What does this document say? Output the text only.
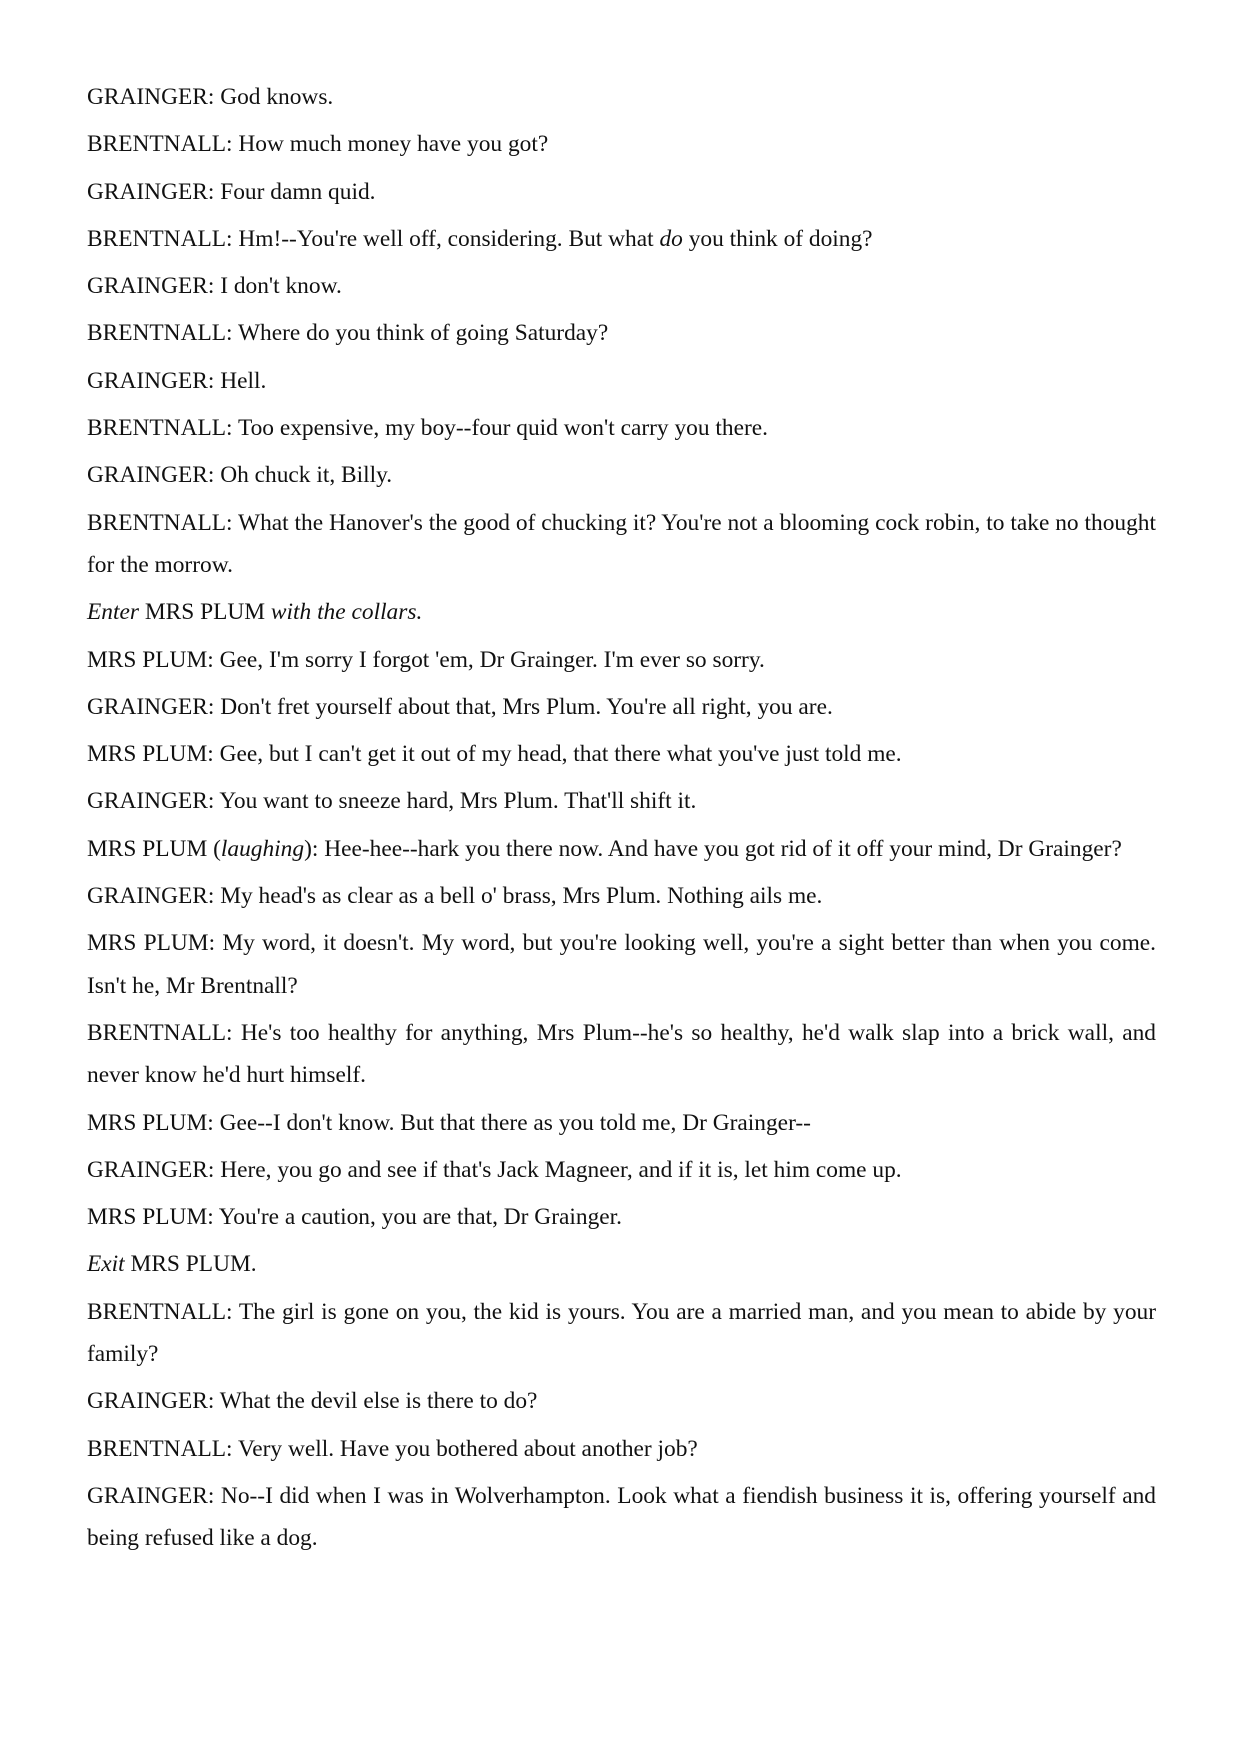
GRAINGER: God knows.

BRENTNALL: How much money have you got?

GRAINGER: Four damn quid.

BRENTNALL: Hm!--You're well off, considering. But what do you think of doing?

GRAINGER: I don't know.

BRENTNALL: Where do you think of going Saturday?

GRAINGER: Hell.

BRENTNALL: Too expensive, my boy--four quid won't carry you there.

GRAINGER: Oh chuck it, Billy.

BRENTNALL: What the Hanover's the good of chucking it? You're not a blooming cock robin, to take no thought for the morrow.

Enter MRS PLUM with the collars.

MRS PLUM: Gee, I'm sorry I forgot 'em, Dr Grainger. I'm ever so sorry.

GRAINGER: Don't fret yourself about that, Mrs Plum. You're all right, you are.

MRS PLUM: Gee, but I can't get it out of my head, that there what you've just told me.

GRAINGER: You want to sneeze hard, Mrs Plum. That'll shift it.

MRS PLUM (laughing): Hee-hee--hark you there now. And have you got rid of it off your mind, Dr Grainger?

GRAINGER: My head's as clear as a bell o' brass, Mrs Plum. Nothing ails me.

MRS PLUM: My word, it doesn't. My word, but you're looking well, you're a sight better than when you come. Isn't he, Mr Brentnall?

BRENTNALL: He's too healthy for anything, Mrs Plum--he's so healthy, he'd walk slap into a brick wall, and never know he'd hurt himself.

MRS PLUM: Gee--I don't know. But that there as you told me, Dr Grainger--

GRAINGER: Here, you go and see if that's Jack Magneer, and if it is, let him come up.

MRS PLUM: You're a caution, you are that, Dr Grainger.

Exit MRS PLUM.

BRENTNALL: The girl is gone on you, the kid is yours. You are a married man, and you mean to abide by your family?

GRAINGER: What the devil else is there to do?

BRENTNALL: Very well. Have you bothered about another job?

GRAINGER: No--I did when I was in Wolverhampton. Look what a fiendish business it is, offering yourself and being refused like a dog.
